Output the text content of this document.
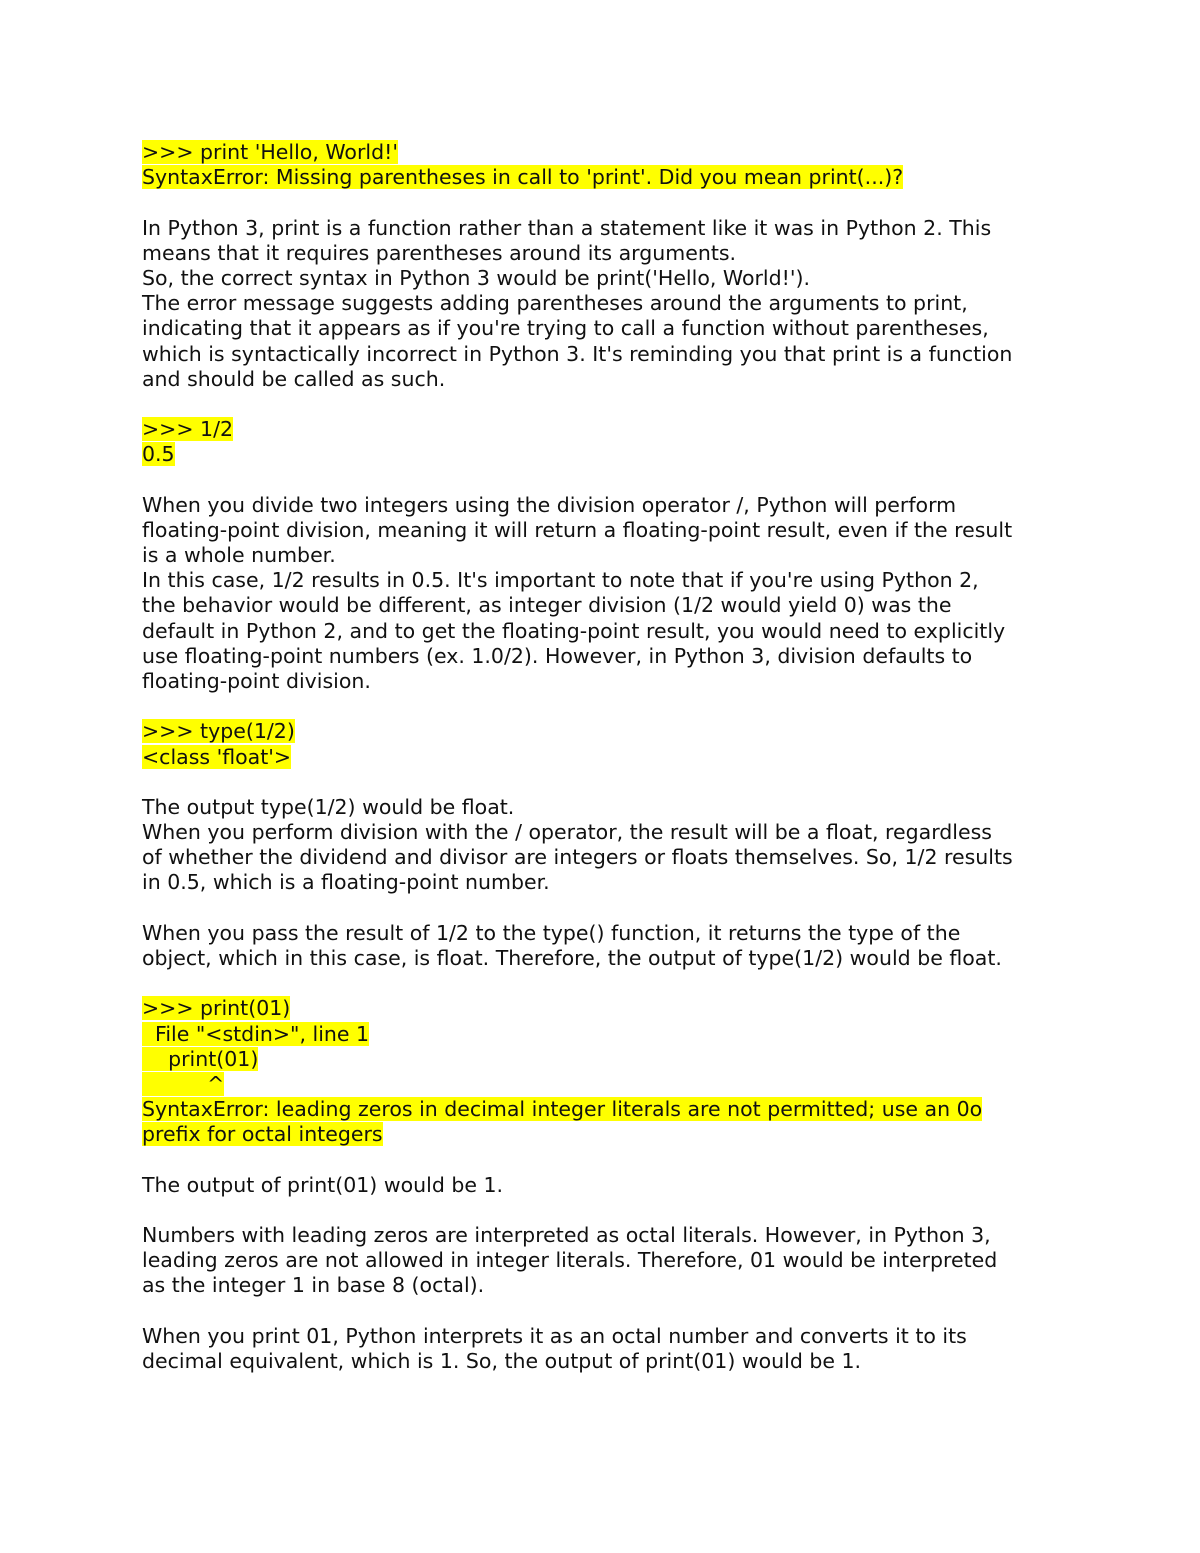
>>> print 'Hello, World!'
SyntaxError: Missing parentheses in call to 'print'. Did you mean print(...)?
In Python 3, print is a function rather than a statement like it was in Python 2. This
means that it requires parentheses around its arguments.
So, the correct syntax in Python 3 would be print('Hello, World!').
The error message suggests adding parentheses around the arguments to print,
indicating that it appears as if you're trying to call a function without parentheses,
which is syntactically incorrect in Python 3. It's reminding you that print is a function
and should be called as such.
>>> 1/2
0.5
When you divide two integers using the division operator /, Python will perform
floating-point division, meaning it will return a floating-point result, even if the result
is a whole number.
In this case, 1/2 results in 0.5. It's important to note that if you're using Python 2,
the behavior would be different, as integer division (1/2 would yield 0) was the
default in Python 2, and to get the floating-point result, you would need to explicitly
use floating-point numbers (ex. 1.0/2). However, in Python 3, division defaults to
floating-point division.
>>> type(1/2)
<class 'float'>
The output type(1/2) would be float.
When you perform division with the / operator, the result will be a float, regardless
of whether the dividend and divisor are integers or floats themselves. So, 1/2 results
in 0.5, which is a floating-point number.
When you pass the result of 1/2 to the type() function, it returns the type of the
object, which in this case, is float. Therefore, the output of type(1/2) would be float.
>>> print(01)
File "<stdin>", line 1
print(01)
^
SyntaxError: leading zeros in decimal integer literals are not permitted; use an 0o
prefix for octal integers
The output of print(01) would be 1.
Numbers with leading zeros are interpreted as octal literals. However, in Python 3,
leading zeros are not allowed in integer literals. Therefore, 01 would be interpreted
as the integer 1 in base 8 (octal).
When you print 01, Python interprets it as an octal number and converts it to its
decimal equivalent, which is 1. So, the output of print(01) would be 1.
